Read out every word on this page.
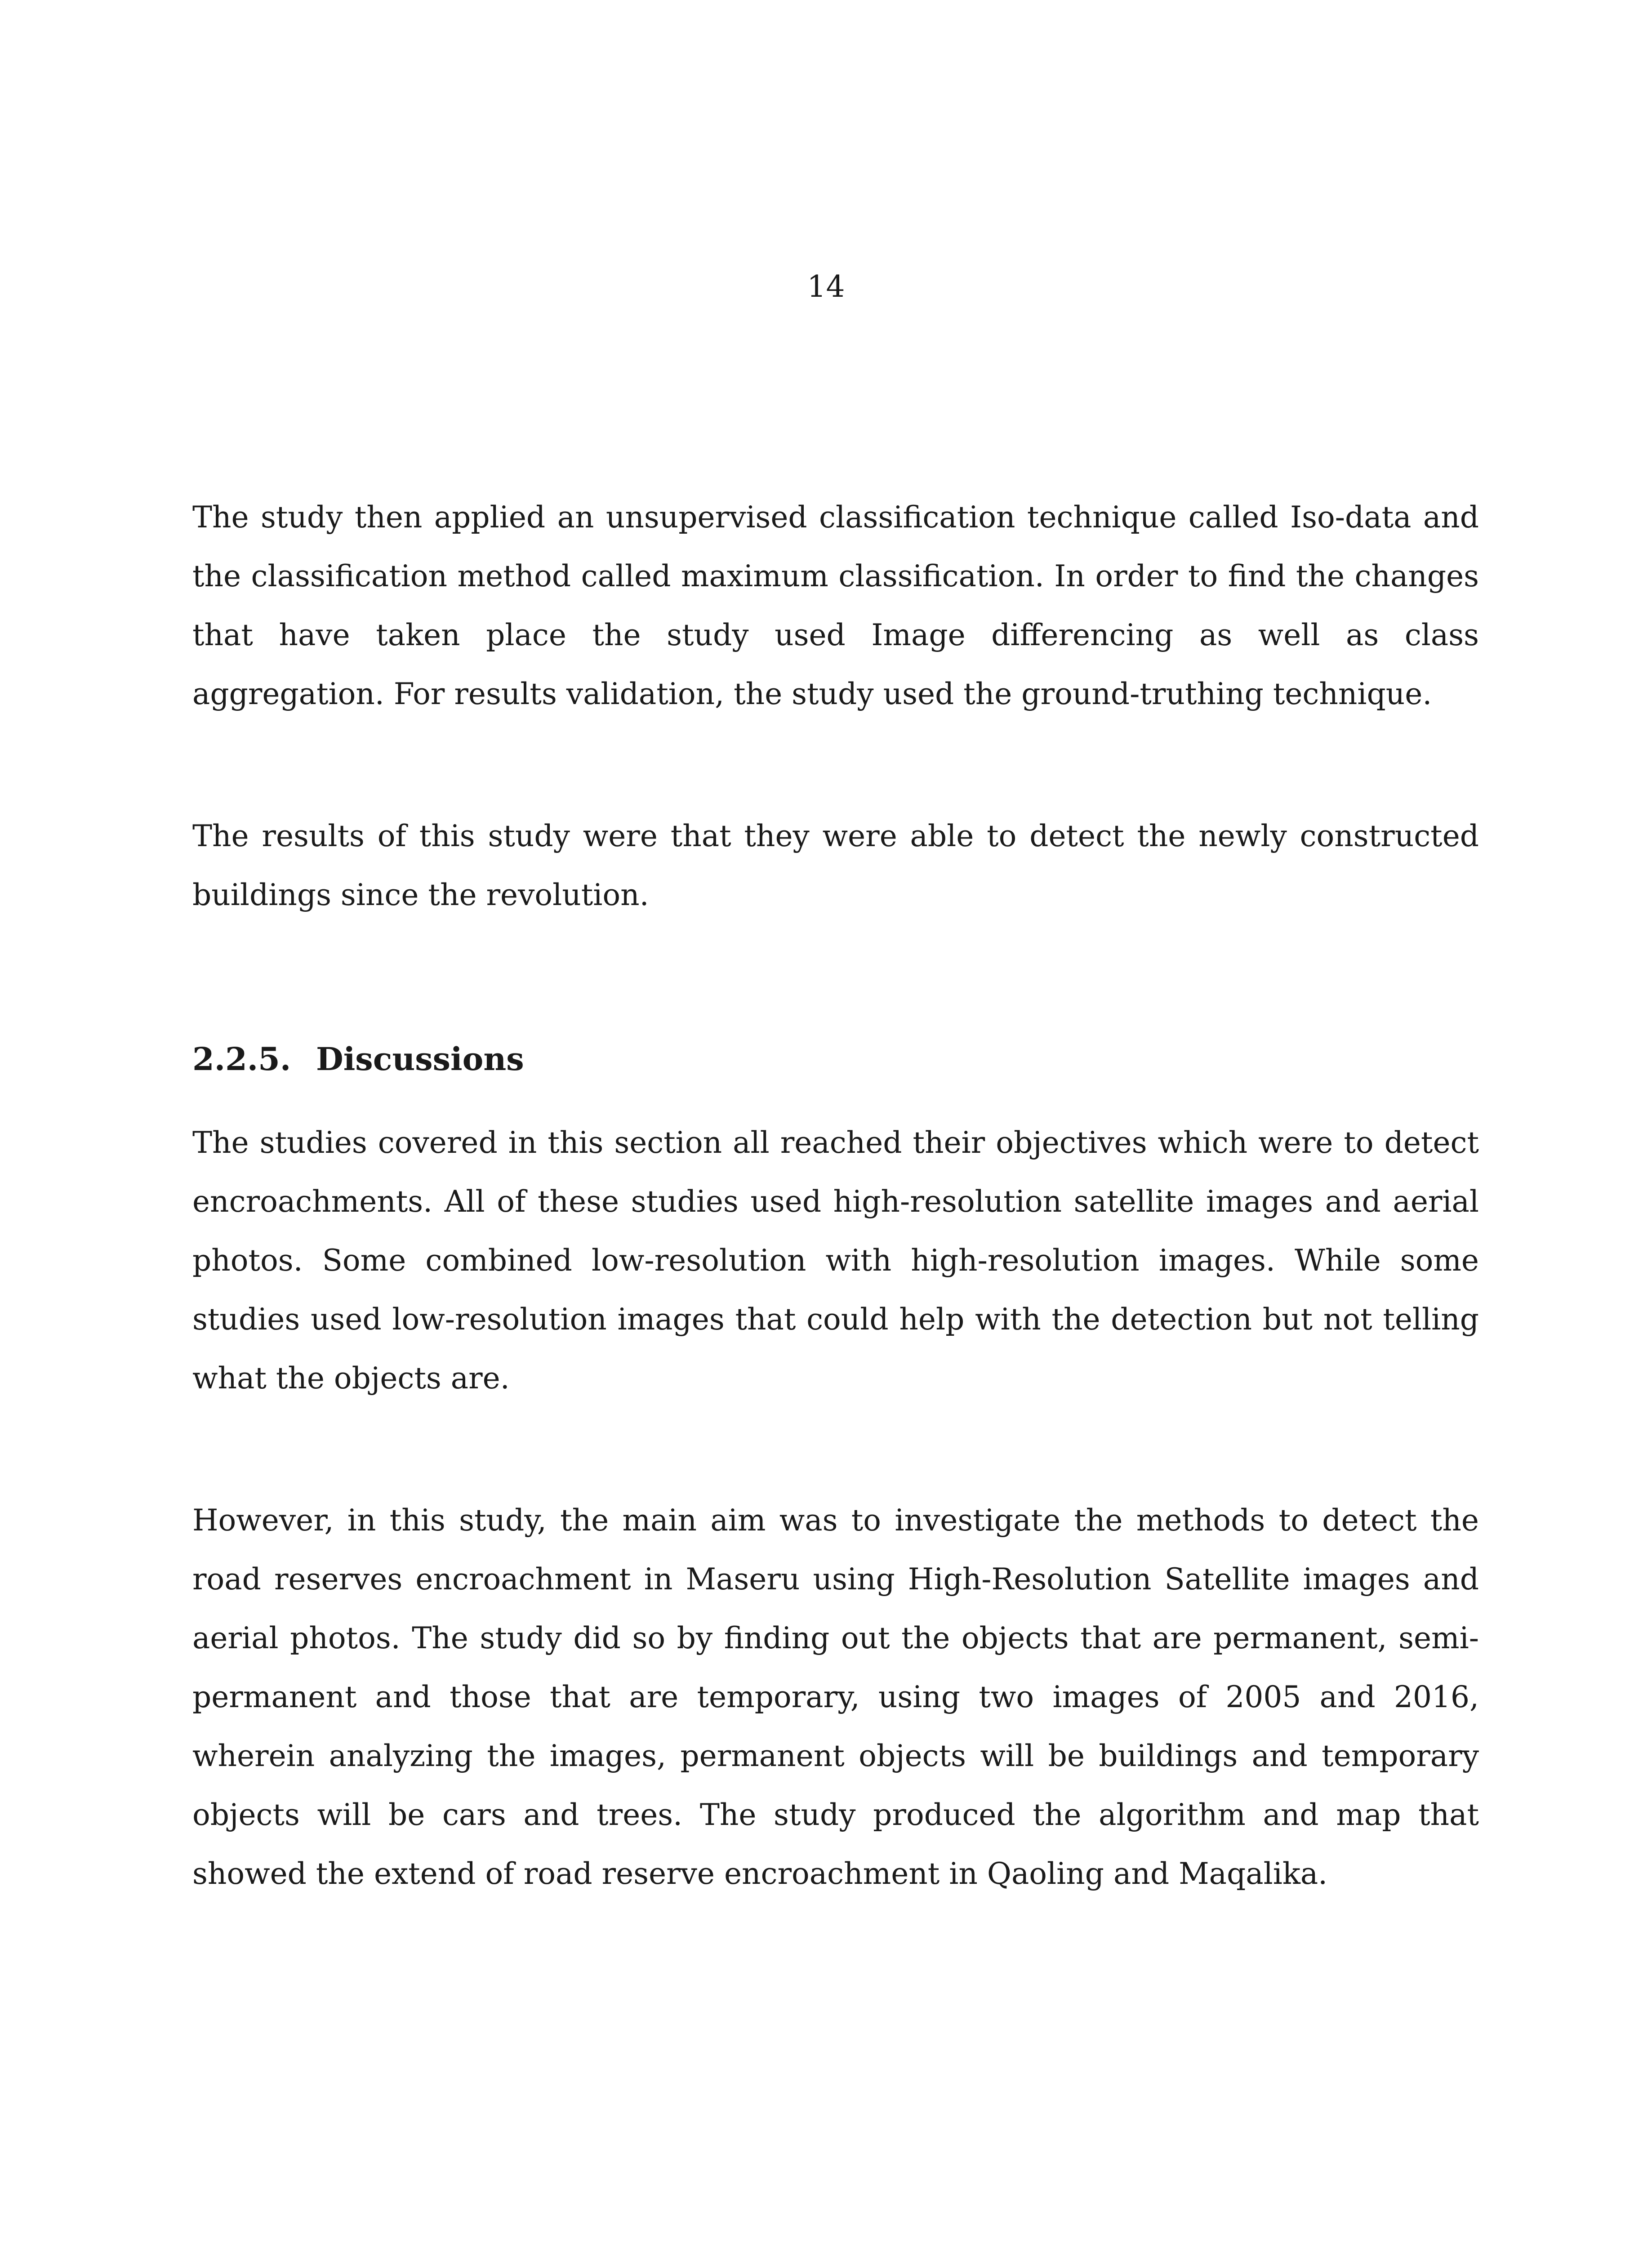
14

The study then applied an unsupervised classification technique called Iso-data and the classification method called maximum classification. In order to find the changes that have taken place the study used Image differencing as well as class aggregation. For results validation, the study used the ground-truthing technique.

The results of this study were that they were able to detect the newly constructed buildings since the revolution.

2.2.5. Discussions

The studies covered in this section all reached their objectives which were to detect encroachments. All of these studies used high-resolution satellite images and aerial photos. Some combined low-resolution with high-resolution images. While some studies used low-resolution images that could help with the detection but not telling what the objects are.

However, in this study, the main aim was to investigate the methods to detect the road reserves encroachment in Maseru using High-Resolution Satellite images and aerial photos. The study did so by finding out the objects that are permanent, semi-permanent and those that are temporary, using two images of 2005 and 2016, wherein analyzing the images, permanent objects will be buildings and temporary objects will be cars and trees. The study produced the algorithm and map that showed the extend of road reserve encroachment in Qaoling and Maqalika.
